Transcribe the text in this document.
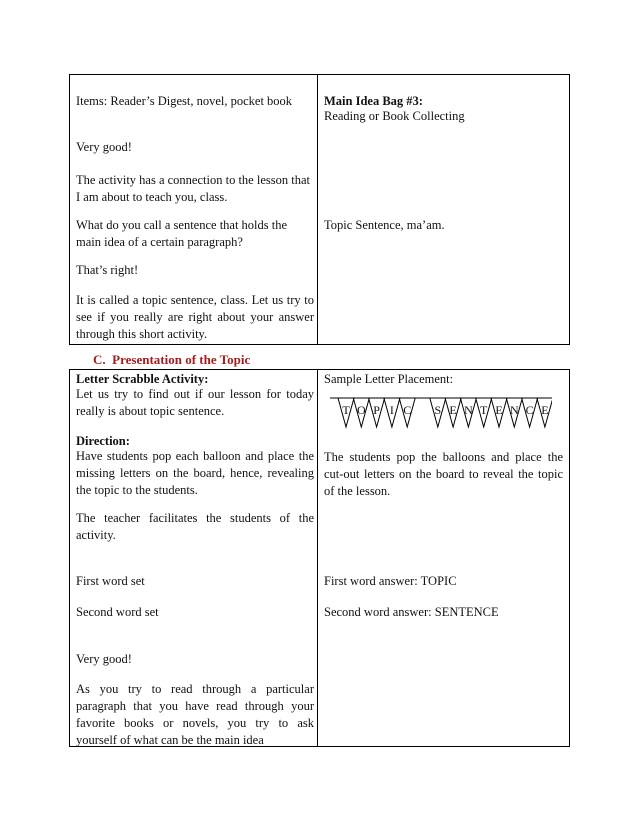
Items: Reader’s Digest, novel, pocket book

Very good!

The activity has a connection to the lesson that I am about to teach you, class.

What do you call a sentence that holds the main idea of a certain paragraph?

That’s right!

It is called a topic sentence, class. Let us try to see if you really are right about your answer through this short activity.

Main Idea Bag #3:

Reading or Book Collecting

Topic Sentence, ma’am.

C. Presentation of the Topic

Letter Scrabble Activity:

Let us try to find out if our lesson for today really is about topic sentence.

Direction:

Have students pop each balloon and place the missing letters on the board, hence, revealing the topic to the students.

The teacher facilitates the students of the activity.

First word set

Second word set

Very good!

As you try to read through a particular paragraph that you have read through your favorite books or novels, you try to ask yourself of what can be the main idea

Sample Letter Placement:

The students pop the balloons and place the cut-out letters on the board to reveal the topic of the lesson.

First word answer: TOPIC

Second word answer: SENTENCE

T O P I C S E N T E N C E
